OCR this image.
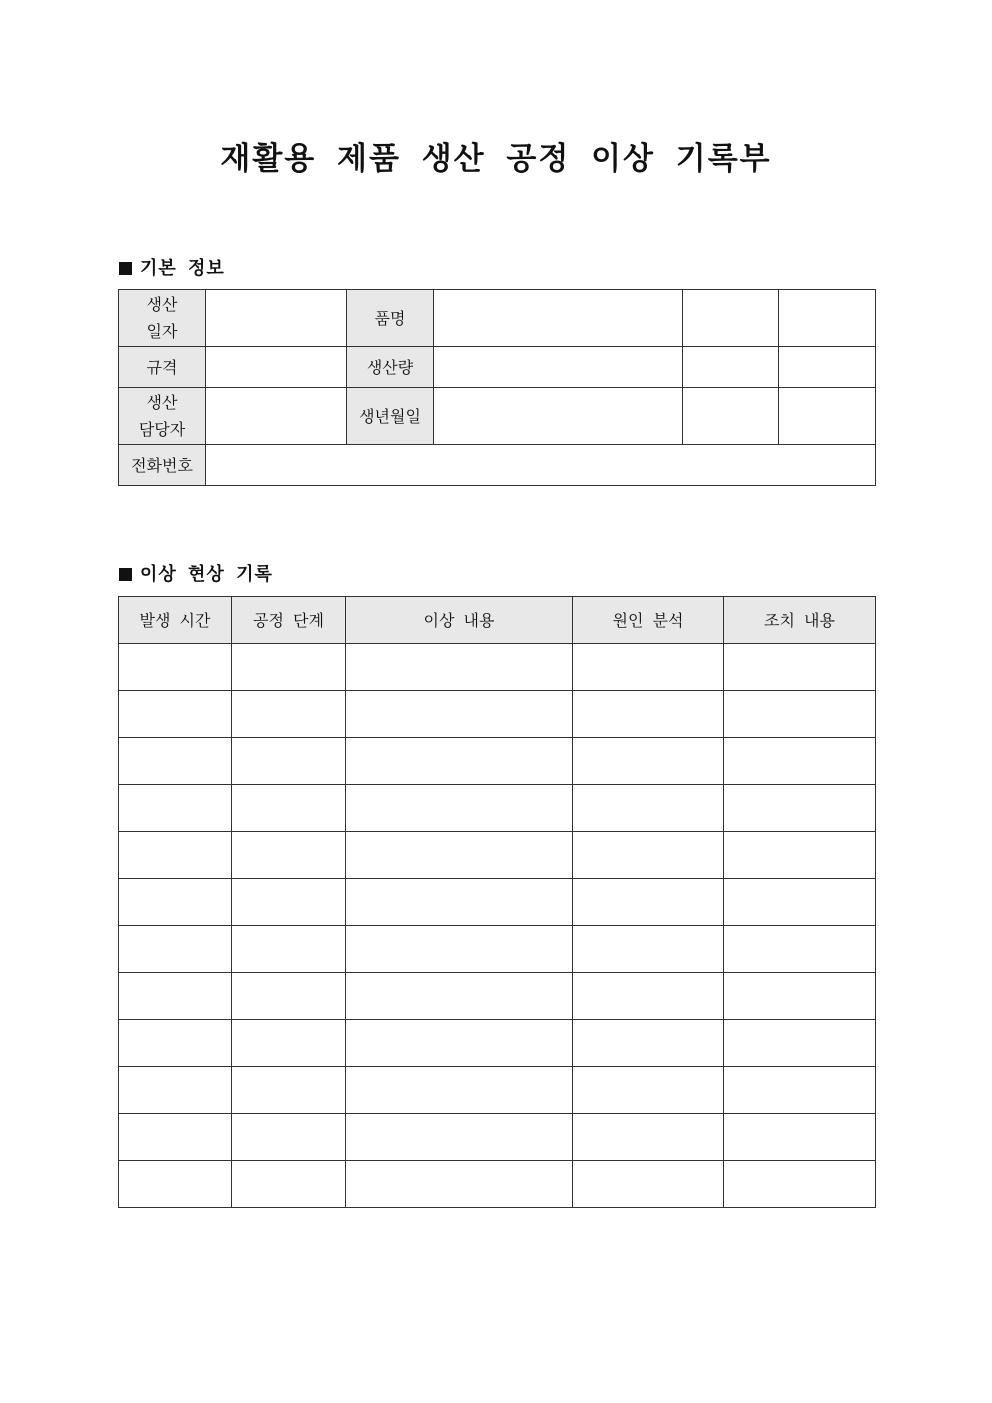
재활용 제품 생산 공정 이상 기록부
기본 정보
생산
일자		품명			
규격		생산량			
생산
담당자		생년월일			
전화번호					
이상 현상 기록
발생 시간	공정 단계	이상 내용	원인 분석	조치 내용
